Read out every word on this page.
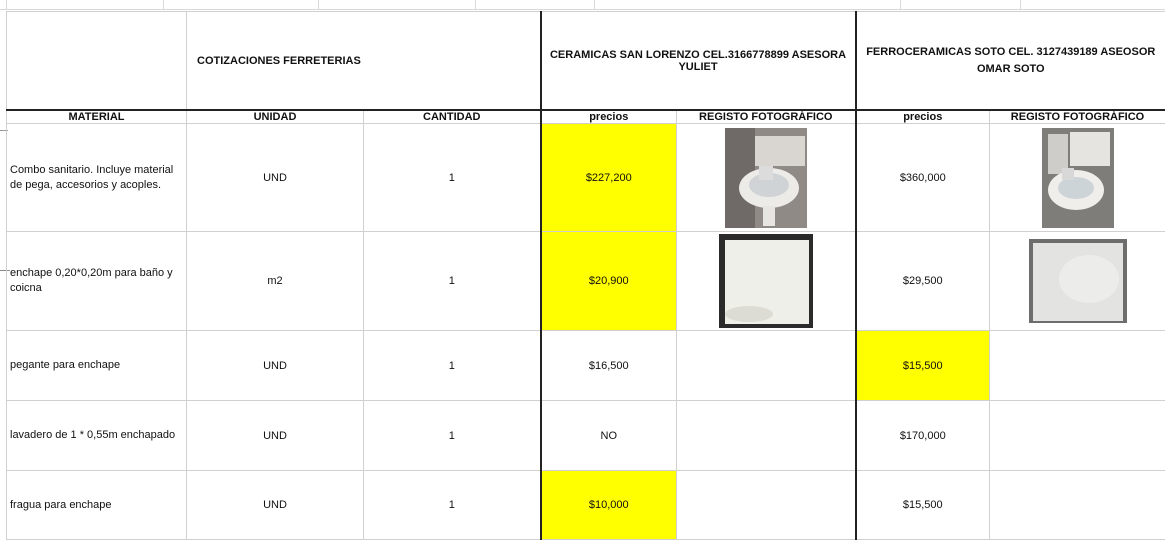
	COTIZACIONES FERRETERIAS		CERAMICAS SAN LORENZO CEL.3166778899 ASESORA YULIET		FERROCERAMICAS SOTO CEL. 3127439189 ASEOSOR OMAR SOTO	
MATERIAL	UNIDAD	CANTIDAD	precios	REGISTO FOTOGRÁFICO	precios	REGISTO FOTOGRÁFICO
Combo sanitario. Incluye material de pega, accesorios y acoples.	UND	1	$227,200		$360,000	

enchape 0,20*0,20m para baño y coicna	m2	1	$20,900		$29,500	

pegante para enchape	UND	1	$16,500		$15,500	
lavadero de 1 * 0,55m enchapado	UND	1	NO		$170,000	
fragua para enchape	UND	1	$10,000		$15,500	
